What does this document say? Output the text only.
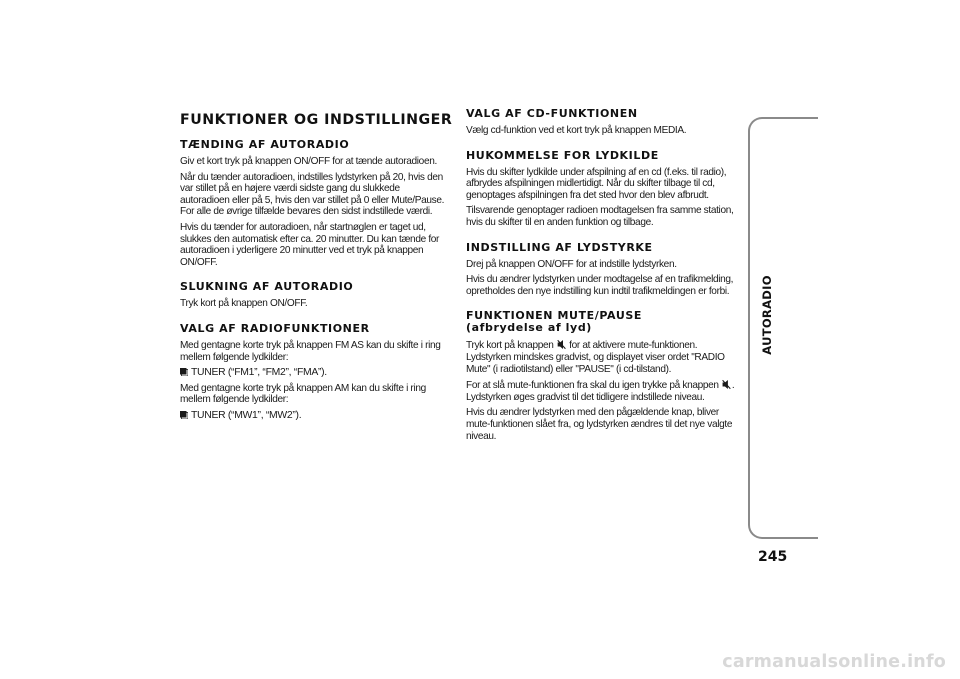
FUNKTIONER OG INDSTILLINGER
TÆNDING AF AUTORADIO

Giv et kort tryk på knappen ON/OFF for at tænde autoradioen.

Når du tænder autoradioen, indstilles lydstyrken på 20, hvis den var stillet på en højere værdi sidste gang du slukkede autoradioen eller på 5, hvis den var stillet på 0 eller Mute/Pause. For alle de øvrige tilfælde bevares den sidst indstillede værdi.

Hvis du tænder for autoradioen, når startnøglen er taget ud, slukkes den automatisk efter ca. 20 minutter. Du kan tænde for autoradioen i yderligere 20 minutter ved et tryk på knappen ON/OFF.

SLUKNING AF AUTORADIO

Tryk kort på knappen ON/OFF.

VALG AF RADIOFUNKTIONER

Med gentagne korte tryk på knappen FM AS kan du skifte i ring mellem følgende lydkilder:

TUNER (“FM1”, “FM2”, “FMA”).

Med gentagne korte tryk på knappen AM kan du skifte i ring mellem følgende lydkilder:

TUNER (“MW1”, “MW2”).

VALG AF CD-FUNKTIONEN

Vælg cd-funktion ved et kort tryk på knappen MEDIA.

HUKOMMELSE FOR LYDKILDE

Hvis du skifter lydkilde under afspilning af en cd (f.eks. til radio), afbrydes afspilningen midlertidigt. Når du skifter tilbage til cd, genoptages afspilningen fra det sted hvor den blev afbrudt.

Tilsvarende genoptager radioen modtagelsen fra samme station, hvis du skifter til en anden funktion og tilbage.

INDSTILLING AF LYDSTYRKE

Drej på knappen ON/OFF for at indstille lydstyrken.

Hvis du ændrer lydstyrken under modtagelse af en trafikmelding, opretholdes den nye indstilling kun indtil trafikmeldingen er forbi.

FUNKTIONEN MUTE/PAUSE
(afbrydelse af lyd)

Tryk kort på knappen for at aktivere mute-funktionen. Lydstyrken mindskes gradvist, og displayet viser ordet "RADIO Mute" (i radiotilstand) eller "PAUSE" (i cd-tilstand).

For at slå mute-funktionen fra skal du igen trykke på knappen . Lydstyrken øges gradvist til det tidligere indstillede niveau.

Hvis du ændrer lydstyrken med den pågældende knap, bliver mute-funktionen slået fra, og lydstyrken ændres til det nye valgte niveau.

AUTORADIO
245
carmanualsonline.info
